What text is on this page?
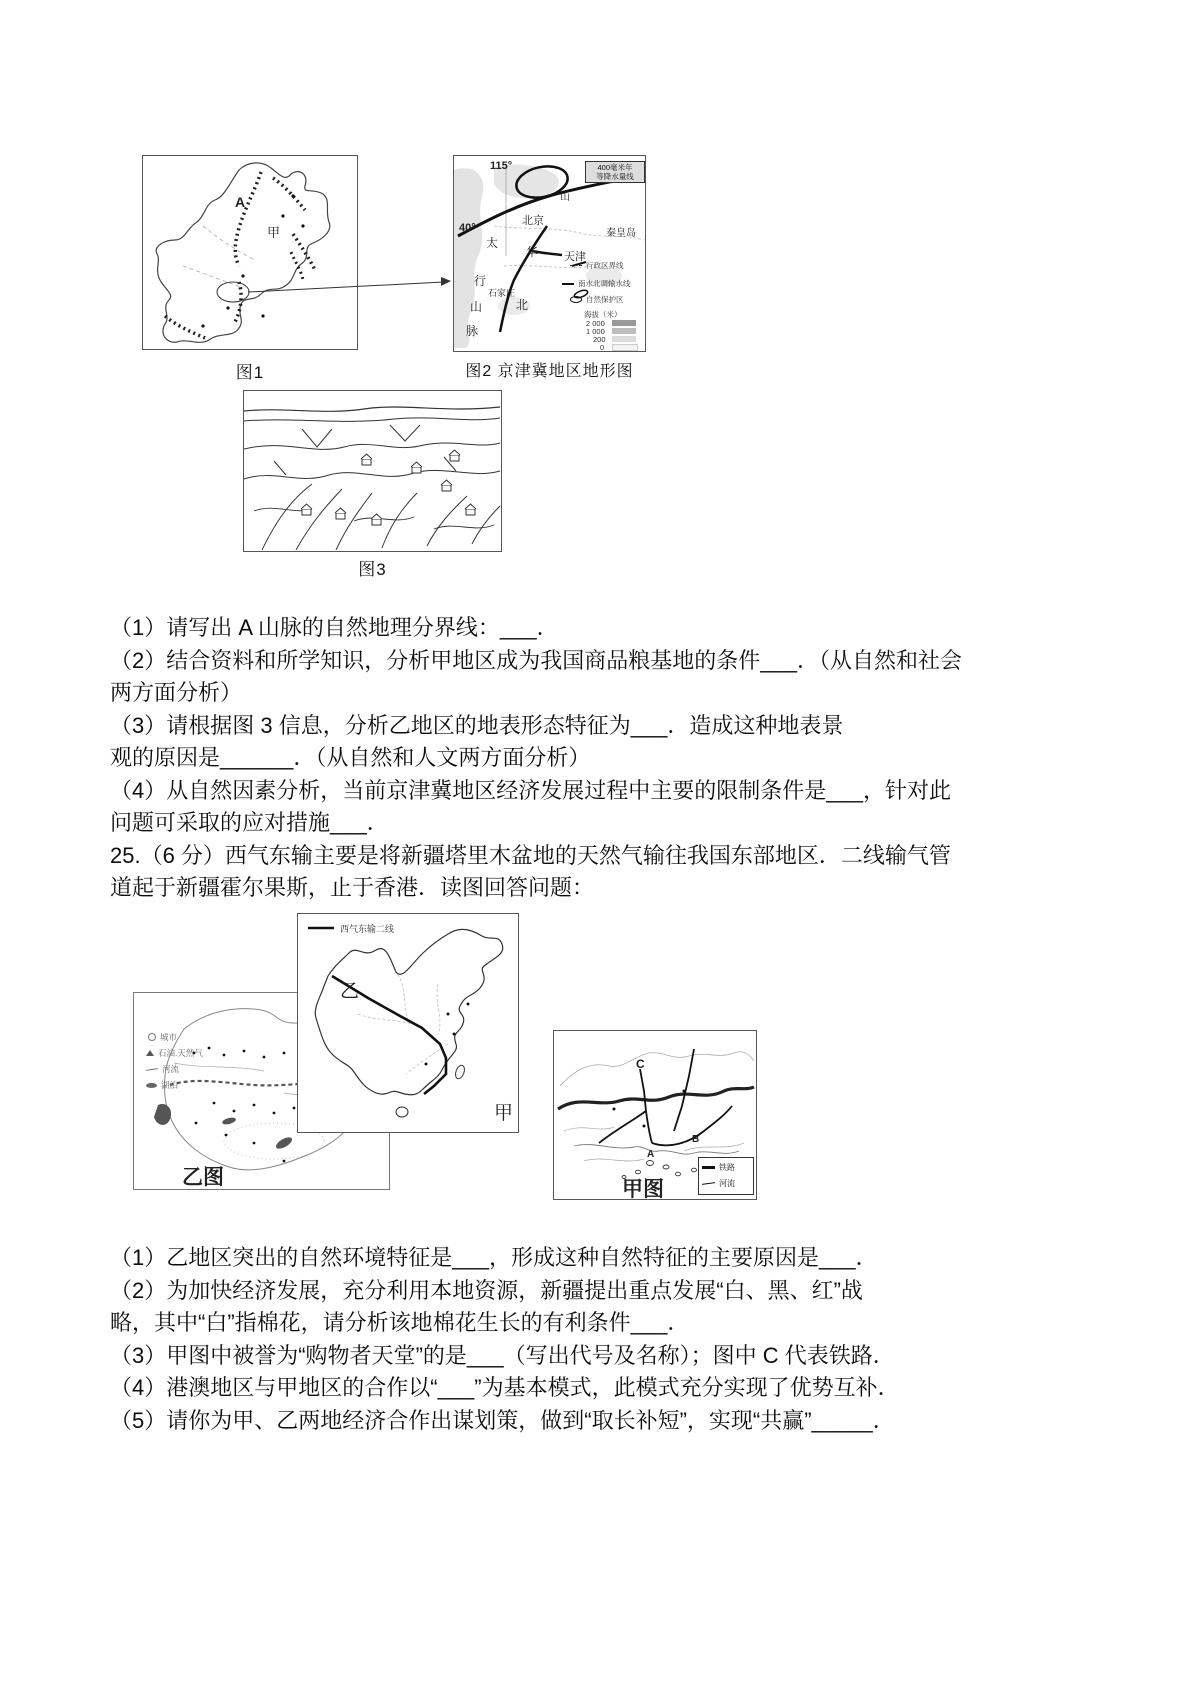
A
甲
图1
115°
40°
北京
山
天津
石家庄
秦皇岛
太
行
山
脉
华
北
400毫米年
等降水量线
行政区界线
南水北调输水线
自然保护区
海拔（米）
2 000
1 000
200
0
图2 京津冀地区地形图
图3
（1）请写出 A 山脉的自然地理分界线：___．
（2）结合资料和所学知识，分析甲地区成为我国商品粮基地的条件___．（从自然和社会
两方面分析）
（3）请根据图 3 信息，分析乙地区的地表形态特征为___．造成这种地表景
观的原因是______．（从自然和人文两方面分析）
（4）从自然因素分析，当前京津冀地区经济发展过程中主要的限制条件是___，针对此
问题可采取的应对措施___．
25.（6 分）西气东输主要是将新疆塔里木盆地的天然气输往我国东部地区．二线输气管
道起于新疆霍尔果斯，止于香港．读图回答问题：
城市
石油.天然气
河流
湖泊
乙图
西气东输二线
乙
甲
C
A
B
铁路
河流
甲图
（1）乙地区突出的自然环境特征是___，形成这种自然特征的主要原因是___．
（2）为加快经济发展，充分利用本地资源，新疆提出重点发展“白、黑、红”战
略，其中“白”指棉花，请分析该地棉花生长的有利条件___．
（3）甲图中被誉为“购物者天堂”的是___（写出代号及名称）；图中 C 代表铁路．
（4）港澳地区与甲地区的合作以“___”为基本模式，此模式充分实现了优势互补．
（5）请你为甲、乙两地经济合作出谋划策，做到“取长补短”，实现“共赢”_____．
